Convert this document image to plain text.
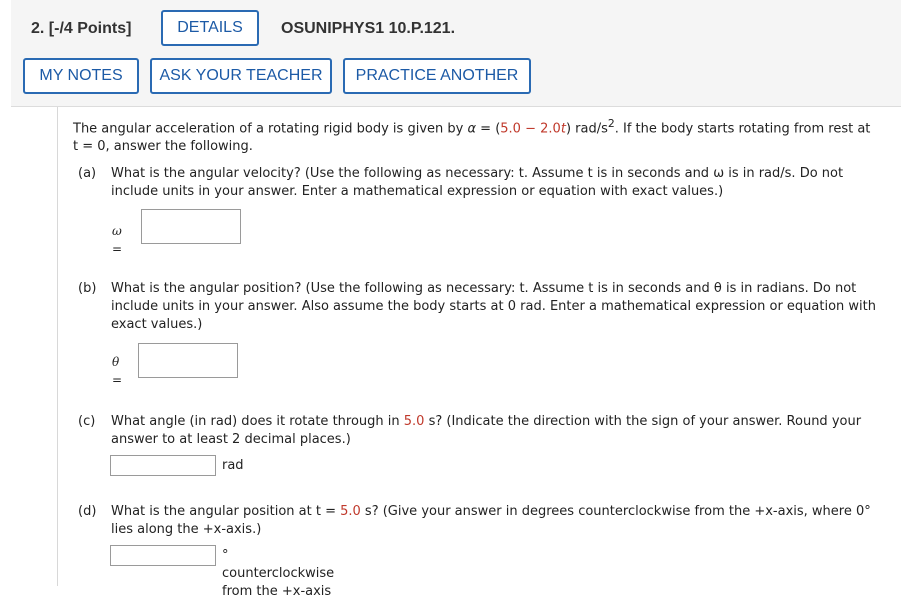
2. [-/4 Points]	DETAILS	OSUNIPHYS1 10.P.121.
MY NOTES	ASK YOUR TEACHER	PRACTICE ANOTHER
The angular acceleration of a rotating rigid body is given by α = (5.0 − 2.0t) rad/$s^2$. If the body starts rotating from rest at
t = 0, answer the following.
(a) What is the angular velocity? (Use the following as necessary: t. Assume t is in seconds and ω is in rad/s. Do not include units in your answer. Enter a mathematical expression or equation with exact values.)
ω =
(b) What is the angular position? (Use the following as necessary: t. Assume t is in seconds and θ is in radians. Do not include units in your answer. Also assume the body starts at 0 rad. Enter a mathematical expression or equation with exact values.)
θ =
(c) What angle (in rad) does it rotate through in 5.0 s? (Indicate the direction with the sign of your answer. Round your answer to at least 2 decimal places.)
rad
(d) What is the angular position at t = 5.0 s? (Give your answer in degrees counterclockwise from the +x-axis, where 0° lies along the +x-axis.)
° counterclockwise from the +x-axis
